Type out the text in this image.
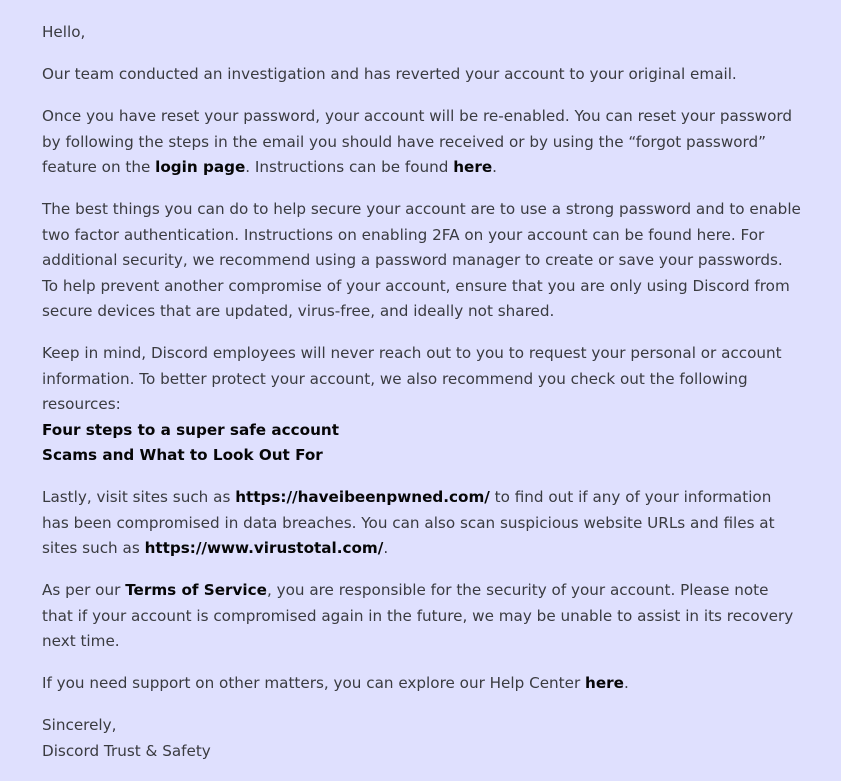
Hello,

Our team conducted an investigation and has reverted your account to your original email.

Once you have reset your password, your account will be re-enabled. You can reset your password by following the steps in the email you should have received or by using the “forgot password” feature on the login page. Instructions can be found here.

The best things you can do to help secure your account are to use a strong password and to enable two factor authentication. Instructions on enabling 2FA on your account can be found here. For additional security, we recommend using a password manager to create or save your passwords. To help prevent another compromise of your account, ensure that you are only using Discord from secure devices that are updated, virus-free, and ideally not shared.

Keep in mind, Discord employees will never reach out to you to request your personal or account information. To better protect your account, we also recommend you check out the following resources:
Four steps to a super safe account
Scams and What to Look Out For

Lastly, visit sites such as https://haveibeenpwned.com/ to find out if any of your information has been compromised in data breaches. You can also scan suspicious website URLs and files at sites such as https://www.virustotal.com/.

As per our Terms of Service, you are responsible for the security of your account. Please note that if your account is compromised again in the future, we may be unable to assist in its recovery next time.

If you need support on other matters, you can explore our Help Center here.

Sincerely,
Discord Trust & Safety
